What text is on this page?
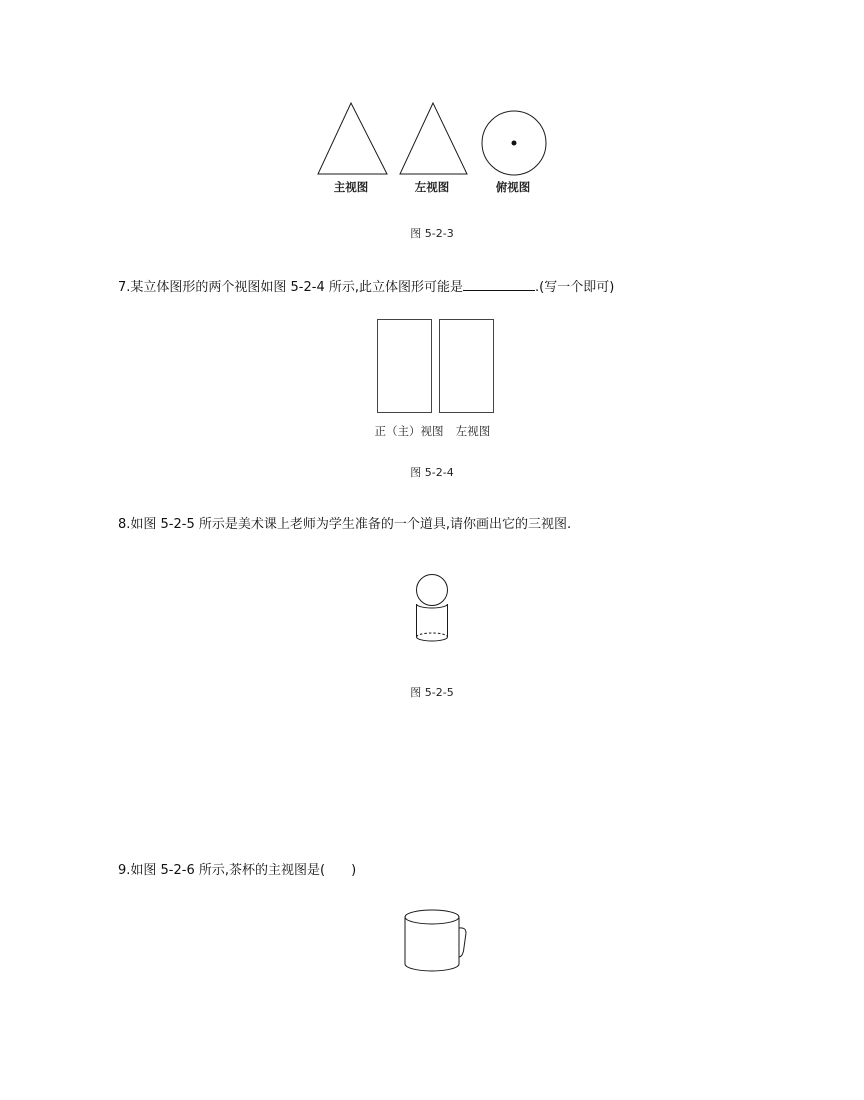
主视图	左视图	俯视图
图 5-2-3
7.某立体图形的两个视图如图 5-2-4 所示,此立体图形可能是	.(写一个即可)
正（主）视图 左视图
图 5-2-4
8.如图 5-2-5 所示是美术课上老师为学生准备的一个道具,请你画出它的三视图.
图 5-2-5
9.如图 5-2-6 所示,茶杯的主视图是(　　)
